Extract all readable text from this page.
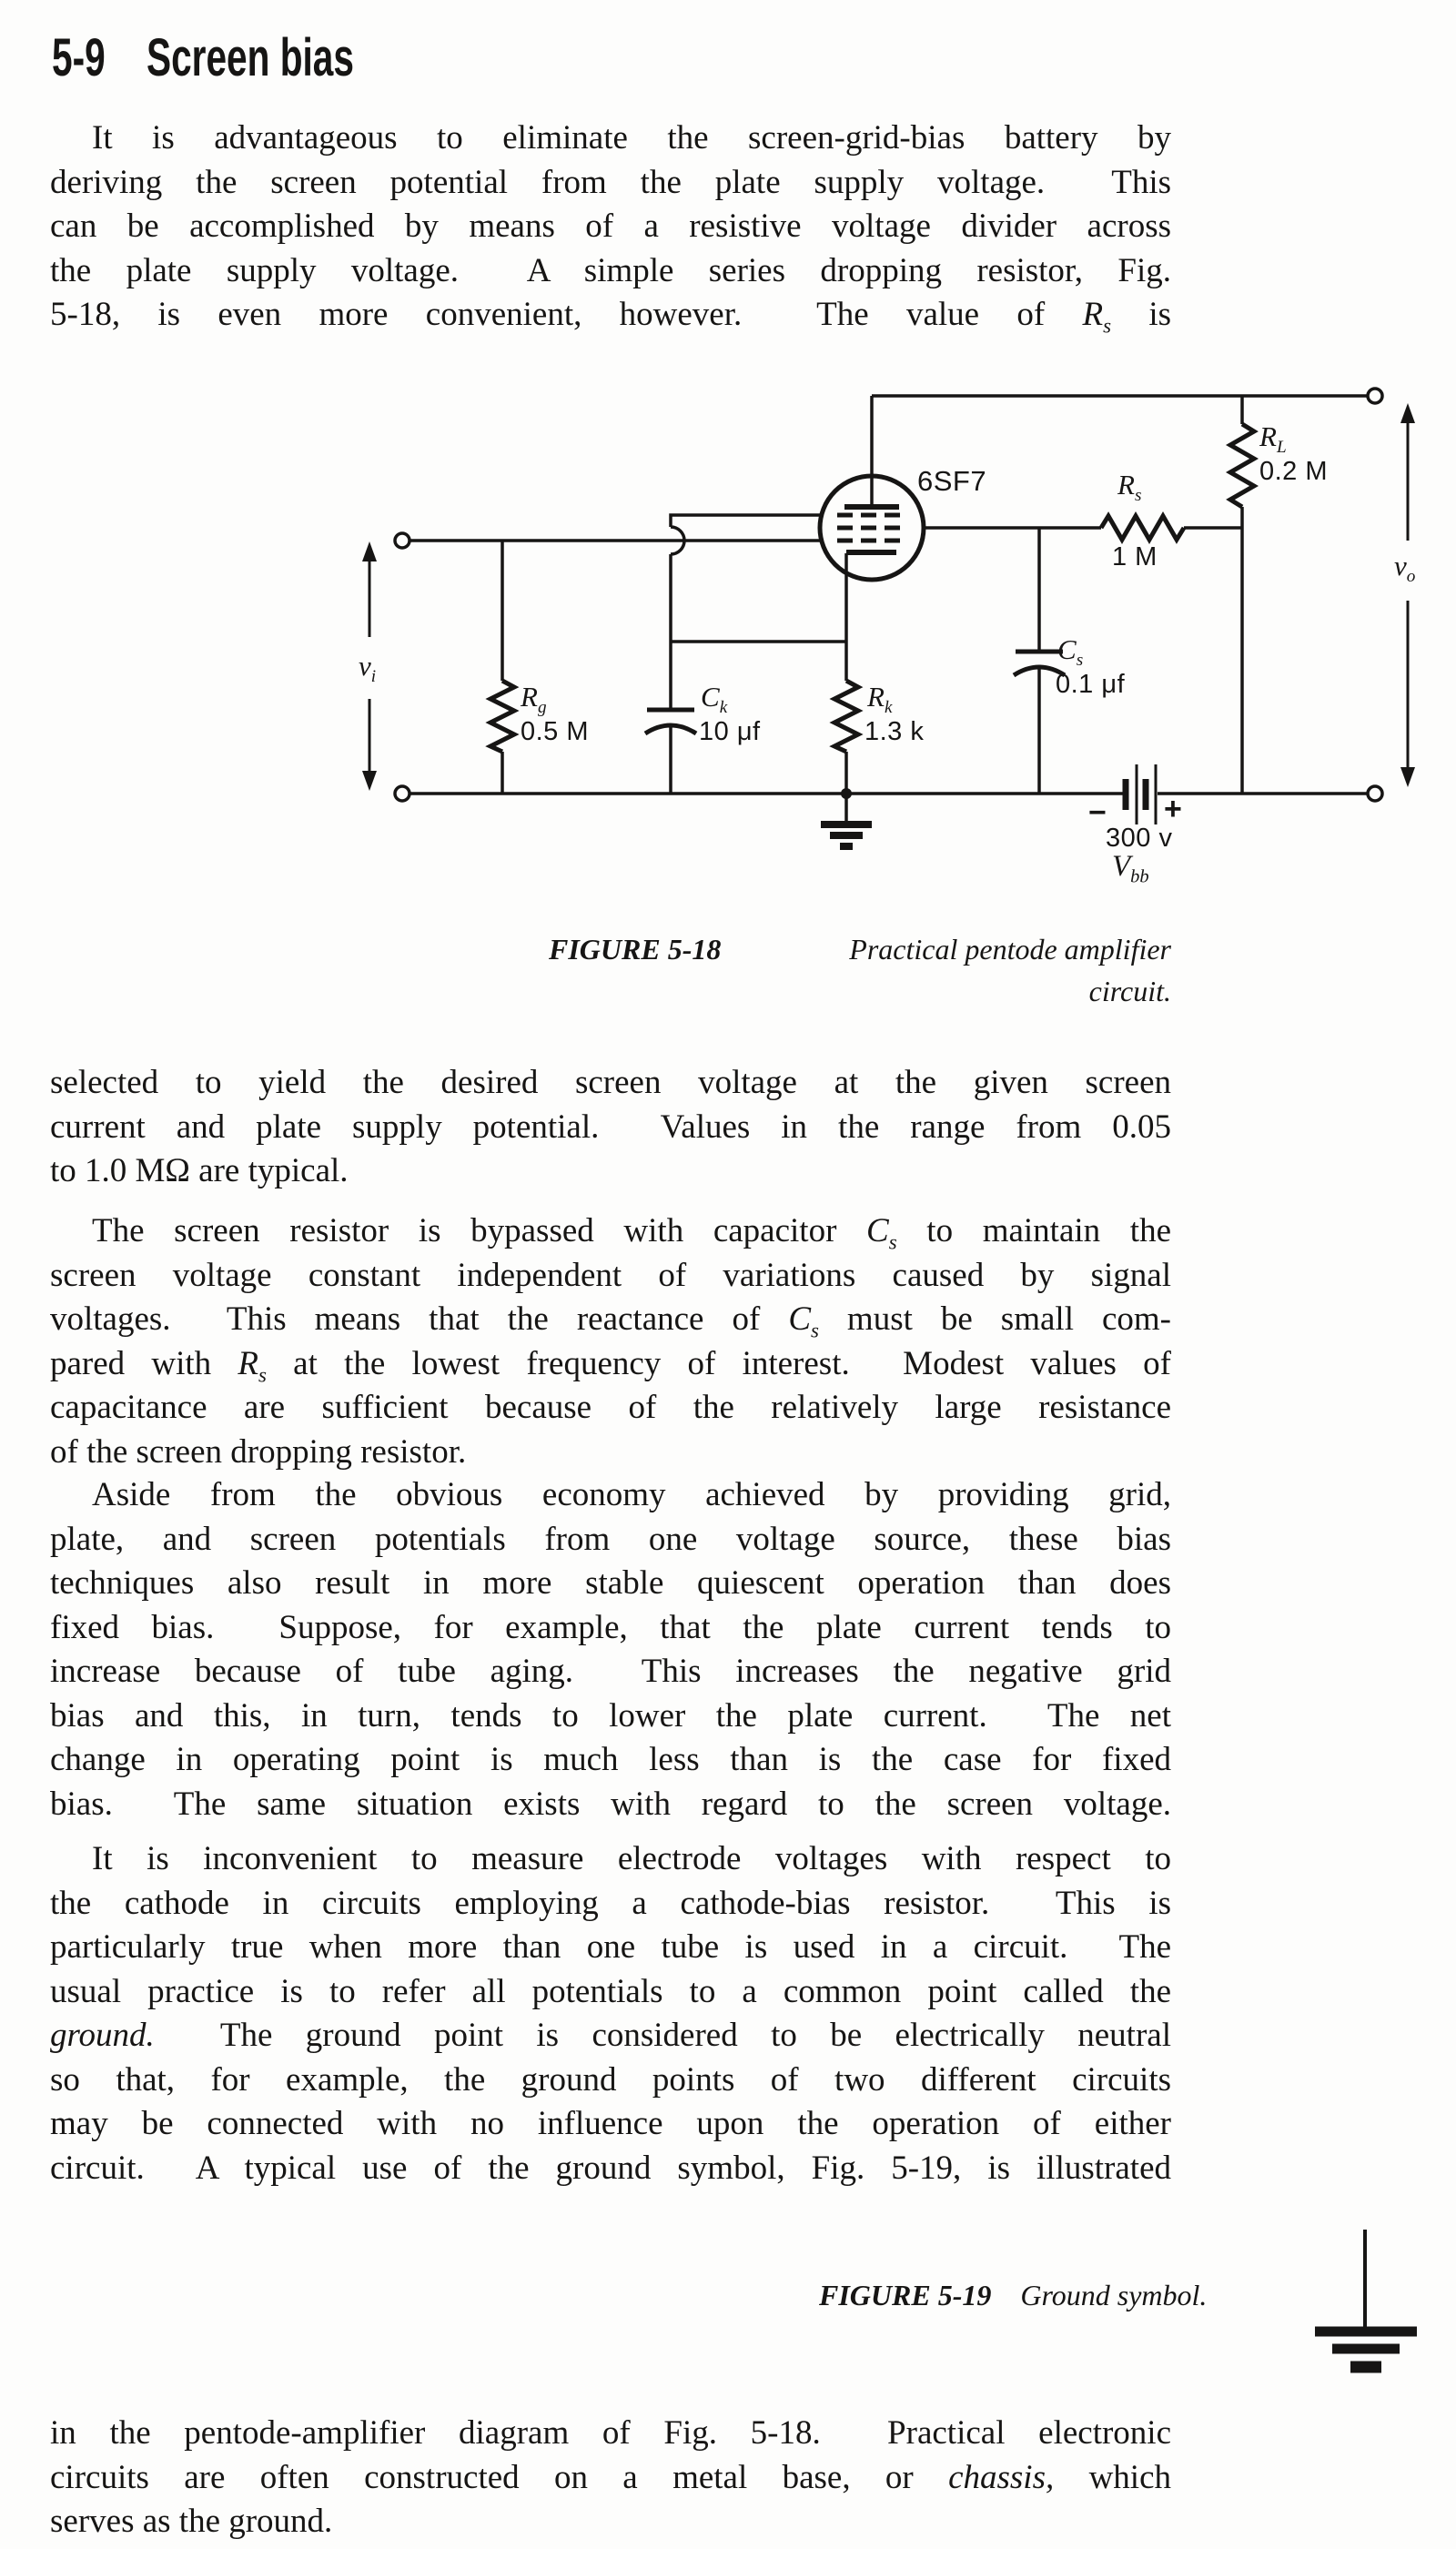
5-9 Screen bias
It is advantageous to eliminate the screen-grid-bias battery by
deriving the screen potential from the plate supply voltage.  This
can be accomplished by means of a resistive voltage divider across
the plate supply voltage.  A simple series dropping resistor, Fig.
5-18, is even more convenient, however.  The value of $R_s$ is
6SF7
$R_L$
0.2 M
$R_s$
1 M
$R_g$
0.5 M
$C_k$
10 μf
$R_k$
1.3 k
$C_s$
0.1 μf
− +
300 v
$V_{bb}$
$v_i$
$v_o$
FIGURE 5-18	Practical pentode amplifier
circuit.
selected to yield the desired screen voltage at the given screen
current and plate supply potential.  Values in the range from 0.05
to 1.0 MΩ are typical.
The screen resistor is bypassed with capacitor $C_s$ to maintain the
screen voltage constant independent of variations caused by signal
voltages.  This means that the reactance of $C_s$ must be small com-
pared with $R_s$ at the lowest frequency of interest.  Modest values of
capacitance are sufficient because of the relatively large resistance
of the screen dropping resistor.
Aside from the obvious economy achieved by providing grid,
plate, and screen potentials from one voltage source, these bias
techniques also result in more stable quiescent operation than does
fixed bias.  Suppose, for example, that the plate current tends to
increase because of tube aging.  This increases the negative grid
bias and this, in turn, tends to lower the plate current.  The net
change in operating point is much less than is the case for fixed
bias.  The same situation exists with regard to the screen voltage.
It is inconvenient to measure electrode voltages with respect to
the cathode in circuits employing a cathode-bias resistor.  This is
particularly true when more than one tube is used in a circuit.  The
usual practice is to refer all potentials to a common point called the
ground.  The ground point is considered to be electrically neutral
so that, for example, the ground points of two different circuits
may be connected with no influence upon the operation of either
circuit.  A typical use of the ground symbol, Fig. 5-19, is illustrated
FIGURE 5-19 Ground symbol.
in the pentode-amplifier diagram of Fig. 5-18.  Practical electronic
circuits are often constructed on a metal base, or chassis, which
serves as the ground.
